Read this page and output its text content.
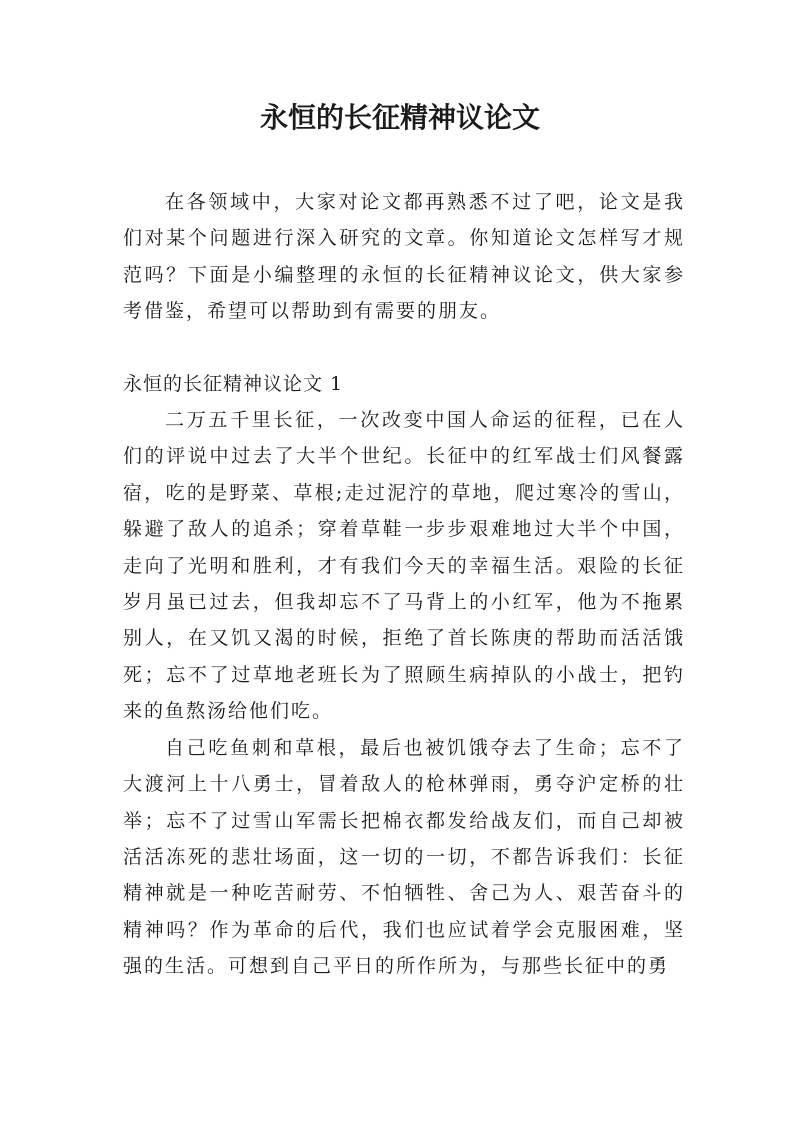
永恒的长征精神议论文

在各领域中，大家对论文都再熟悉不过了吧，论文是我们对某个问题进行深入研究的文章。你知道论文怎样写才规范吗？下面是小编整理的永恒的长征精神议论文，供大家参考借鉴，希望可以帮助到有需要的朋友。

永恒的长征精神议论文 1

二万五千里长征，一次改变中国人命运的征程，已在人们的评说中过去了大半个世纪。长征中的红军战士们风餐露宿，吃的是野菜、草根;走过泥泞的草地，爬过寒冷的雪山，躲避了敌人的追杀；穿着草鞋一步步艰难地过大半个中国，走向了光明和胜利，才有我们今天的幸福生活。艰险的长征岁月虽已过去，但我却忘不了马背上的小红军，他为不拖累别人，在又饥又渴的时候，拒绝了首长陈庚的帮助而活活饿死；忘不了过草地老班长为了照顾生病掉队的小战士，把钓来的鱼熬汤给他们吃。

自己吃鱼刺和草根，最后也被饥饿夺去了生命；忘不了大渡河上十八勇士，冒着敌人的枪林弹雨，勇夺沪定桥的壮举；忘不了过雪山军需长把棉衣都发给战友们，而自己却被活活冻死的悲壮场面，这一切的一切，不都告诉我们：长征精神就是一种吃苦耐劳、不怕牺牲、舍己为人、艰苦奋斗的精神吗？作为革命的后代，我们也应试着学会克服困难，坚强的生活。可想到自己平日的所作所为，与那些长征中的勇
